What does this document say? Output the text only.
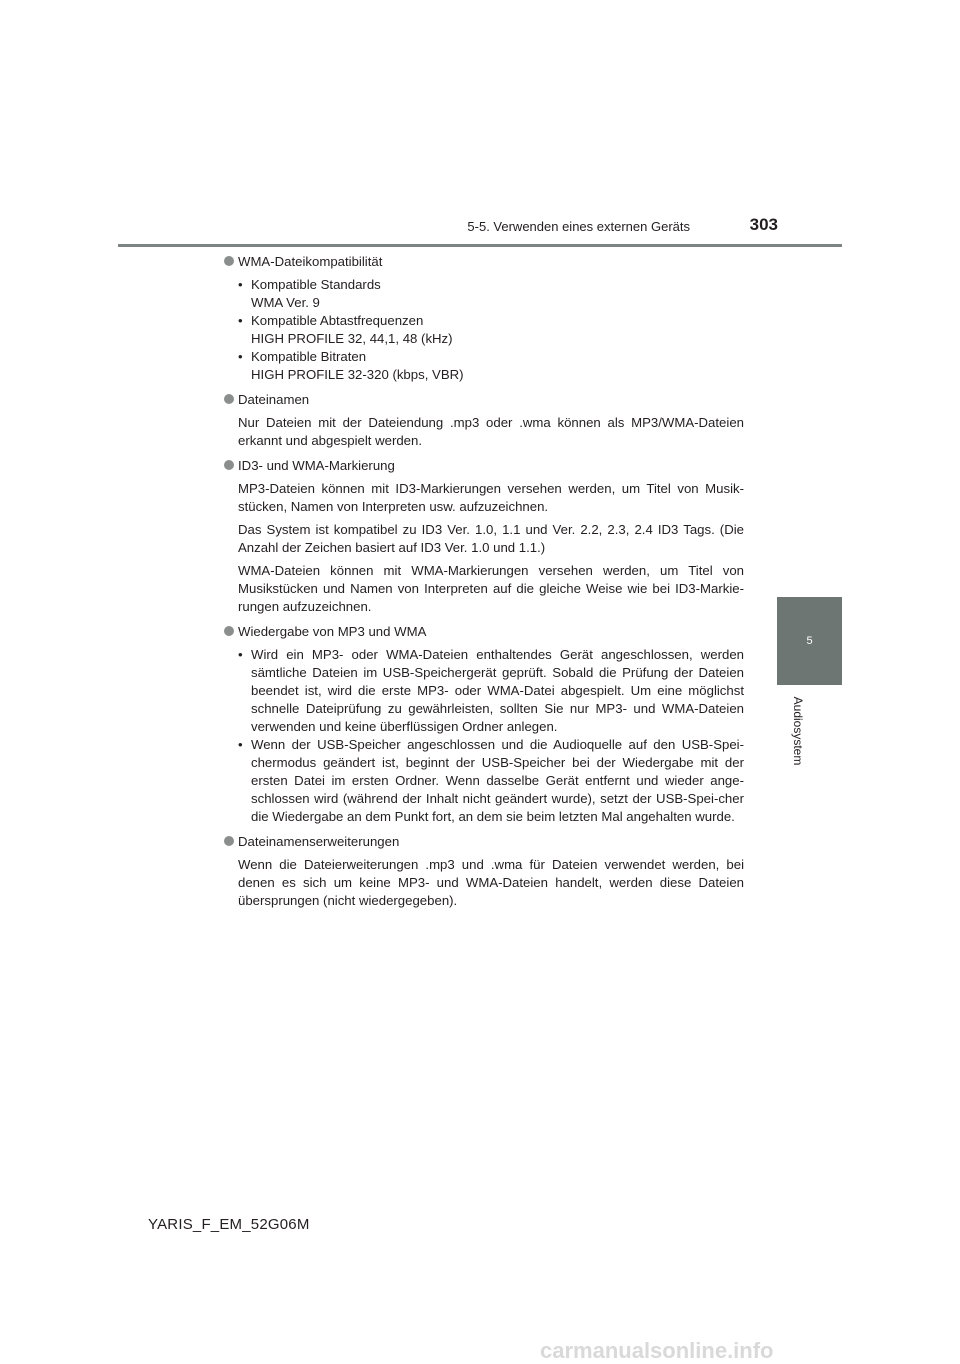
5-5. Verwenden eines externen Geräts	303
5
Audiosystem
WMA-Dateikompatibilität
• Kompatible Standards
WMA Ver. 9
• Kompatible Abtastfrequenzen
HIGH PROFILE 32, 44,1, 48 (kHz)
• Kompatible Bitraten
HIGH PROFILE 32-320 (kbps, VBR)
Dateinamen
Nur Dateien mit der Dateiendung .mp3 oder .wma können als MP3/WMA-Dateien erkannt und abgespielt werden.
ID3- und WMA-Markierung
MP3-Dateien können mit ID3-Markierungen versehen werden, um Titel von Musik-stücken, Namen von Interpreten usw. aufzuzeichnen.
Das System ist kompatibel zu ID3 Ver. 1.0, 1.1 und Ver. 2.2, 2.3, 2.4 ID3 Tags. (Die Anzahl der Zeichen basiert auf ID3 Ver. 1.0 und 1.1.)
WMA-Dateien können mit WMA-Markierungen versehen werden, um Titel von Musikstücken und Namen von Interpreten auf die gleiche Weise wie bei ID3-Markie-rungen aufzuzeichnen.
Wiedergabe von MP3 und WMA
• Wird ein MP3- oder WMA-Dateien enthaltendes Gerät angeschlossen, werden sämtliche Dateien im USB-Speichergerät geprüft. Sobald die Prüfung der Dateien beendet ist, wird die erste MP3- oder WMA-Datei abgespielt. Um eine möglichst schnelle Dateiprüfung zu gewährleisten, sollten Sie nur MP3- und WMA-Dateien verwenden und keine überflüssigen Ordner anlegen.
• Wenn der USB-Speicher angeschlossen und die Audioquelle auf den USB-Spei-chermodus geändert ist, beginnt der USB-Speicher bei der Wiedergabe mit der ersten Datei im ersten Ordner. Wenn dasselbe Gerät entfernt und wieder ange-schlossen wird (während der Inhalt nicht geändert wurde), setzt der USB-Spei-cher die Wiedergabe an dem Punkt fort, an dem sie beim letzten Mal angehalten wurde.
Dateinamenserweiterungen
Wenn die Dateierweiterungen .mp3 und .wma für Dateien verwendet werden, bei denen es sich um keine MP3- und WMA-Dateien handelt, werden diese Dateien übersprungen (nicht wiedergegeben).
YARIS_F_EM_52G06M
carmanualsonline.info
